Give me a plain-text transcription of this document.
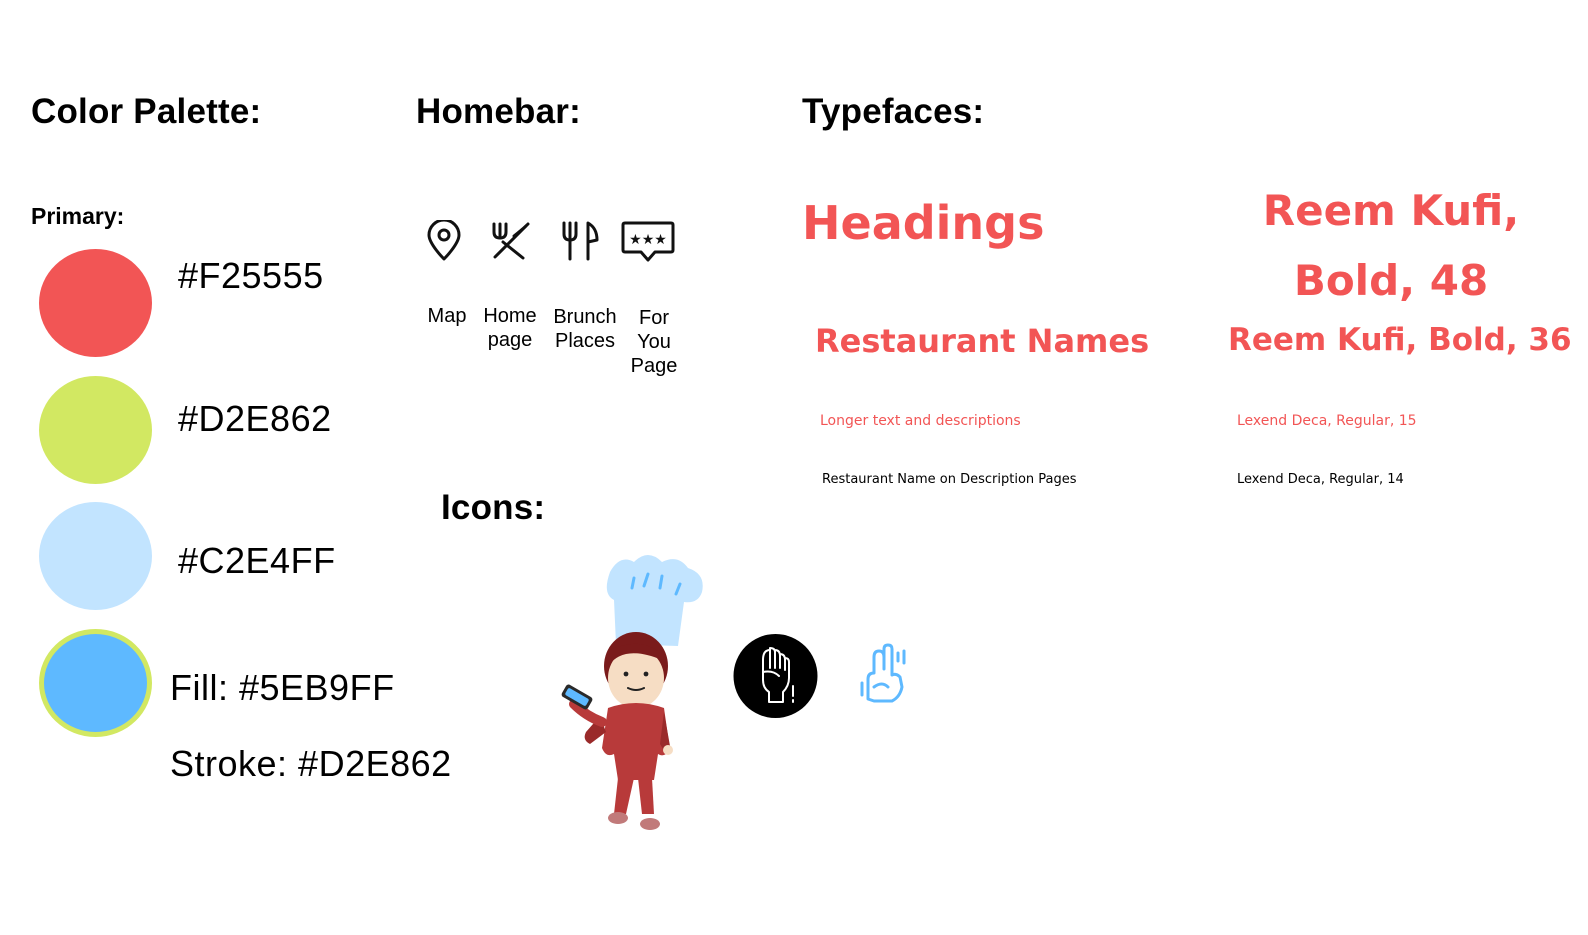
Color Palette:
Primary:
#F25555
#D2E862
#C2E4FF
Fill: #5EB9FF
Stroke: #D2E862
Homebar:
★★★
Map Home
page
Brunch
Places
For
You
Page
Icons:
Typefaces:
Headings	Reem Kufi, Bold, 48
Restaurant Names	Reem Kufi, Bold, 36
Longer text and descriptions	Lexend Deca, Regular, 15
Restaurant Name on Description Pages	Lexend Deca, Regular, 14
